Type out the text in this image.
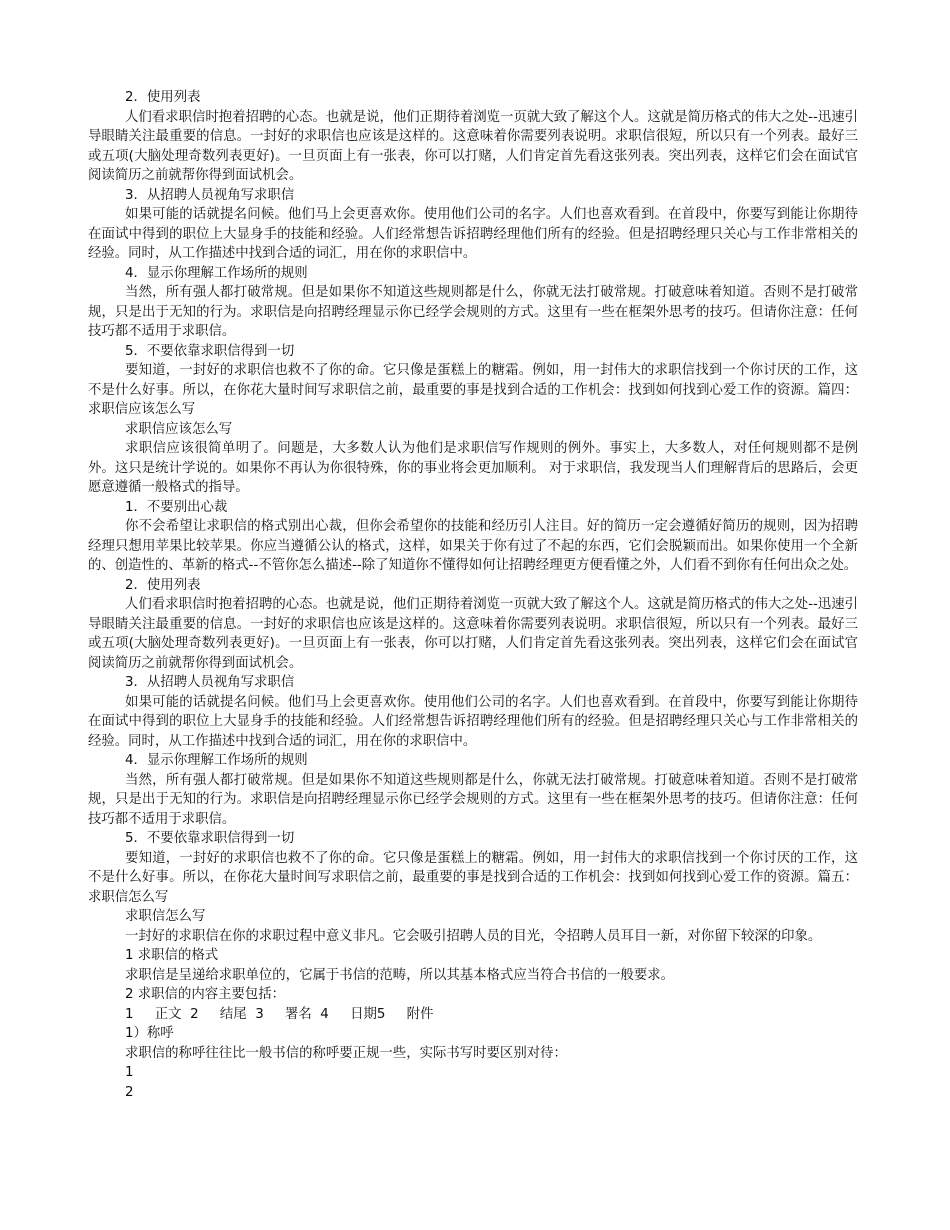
2．使用列表
人们看求职信时抱着招聘的心态。也就是说，他们正期待着浏览一页就大致了解这个人。这就是简历格式的伟大之处--迅速引导眼睛关注最重要的信息。一封好的求职信也应该是这样的。这意味着你需要列表说明。求职信很短，所以只有一个列表。最好三或五项(大脑处理奇数列表更好)。一旦页面上有一张表，你可以打赌，人们肯定首先看这张列表。突出列表，这样它们会在面试官阅读简历之前就帮你得到面试机会。
3．从招聘人员视角写求职信
如果可能的话就提名问候。他们马上会更喜欢你。使用他们公司的名字。人们也喜欢看到。在首段中，你要写到能让你期待在面试中得到的职位上大显身手的技能和经验。人们经常想告诉招聘经理他们所有的经验。但是招聘经理只关心与工作非常相关的经验。同时，从工作描述中找到合适的词汇，用在你的求职信中。
4．显示你理解工作场所的规则
当然，所有强人都打破常规。但是如果你不知道这些规则都是什么，你就无法打破常规。打破意味着知道。否则不是打破常规，只是出于无知的行为。求职信是向招聘经理显示你已经学会规则的方式。这里有一些在框架外思考的技巧。但请你注意：任何技巧都不适用于求职信。
5．不要依靠求职信得到一切
要知道，一封好的求职信也救不了你的命。它只像是蛋糕上的糖霜。例如，用一封伟大的求职信找到一个你讨厌的工作，这不是什么好事。所以，在你花大量时间写求职信之前，最重要的事是找到合适的工作机会：找到如何找到心爱工作的资源。篇四：求职信应该怎么写
求职信应该怎么写
求职信应该很简单明了。问题是，大多数人认为他们是求职信写作规则的例外。事实上，大多数人，对任何规则都不是例外。这只是统计学说的。如果你不再认为你很特殊，你的事业将会更加顺利。 对于求职信，我发现当人们理解背后的思路后，会更愿意遵循一般格式的指导。
1．不要别出心裁
你不会希望让求职信的格式别出心裁，但你会希望你的技能和经历引人注目。好的简历一定会遵循好简历的规则，因为招聘经理只想用苹果比较苹果。你应当遵循公认的格式，这样，如果关于你有过了不起的东西，它们会脱颖而出。如果你使用一个全新的、创造性的、革新的格式--不管你怎么描述--除了知道你不懂得如何让招聘经理更方便看懂之外，人们看不到你有任何出众之处。
2．使用列表
人们看求职信时抱着招聘的心态。也就是说，他们正期待着浏览一页就大致了解这个人。这就是简历格式的伟大之处--迅速引导眼睛关注最重要的信息。一封好的求职信也应该是这样的。这意味着你需要列表说明。求职信很短，所以只有一个列表。最好三或五项(大脑处理奇数列表更好)。一旦页面上有一张表，你可以打赌，人们肯定首先看这张列表。突出列表，这样它们会在面试官阅读简历之前就帮你得到面试机会。
3．从招聘人员视角写求职信
如果可能的话就提名问候。他们马上会更喜欢你。使用他们公司的名字。人们也喜欢看到。在首段中，你要写到能让你期待在面试中得到的职位上大显身手的技能和经验。人们经常想告诉招聘经理他们所有的经验。但是招聘经理只关心与工作非常相关的经验。同时，从工作描述中找到合适的词汇，用在你的求职信中。
4．显示你理解工作场所的规则
当然，所有强人都打破常规。但是如果你不知道这些规则都是什么，你就无法打破常规。打破意味着知道。否则不是打破常规，只是出于无知的行为。求职信是向招聘经理显示你已经学会规则的方式。这里有一些在框架外思考的技巧。但请你注意：任何技巧都不适用于求职信。
5．不要依靠求职信得到一切
要知道，一封好的求职信也救不了你的命。它只像是蛋糕上的糖霜。例如，用一封伟大的求职信找到一个你讨厌的工作，这不是什么好事。所以，在你花大量时间写求职信之前，最重要的事是找到合适的工作机会：找到如何找到心爱工作的资源。篇五：求职信怎么写
求职信怎么写
一封好的求职信在你的求职过程中意义非凡。它会吸引招聘人员的目光，令招聘人员耳目一新，对你留下较深的印象。
1 求职信的格式
求职信是呈递给求职单位的，它属于书信的范畴，所以其基本格式应当符合书信的一般要求。
2 求职信的内容主要包括：
1     正文  2     结尾  3     署名  4     日期5     附件
1）称呼
求职信的称呼往往比一般书信的称呼要正规一些，实际书写时要区别对待：
1
2
